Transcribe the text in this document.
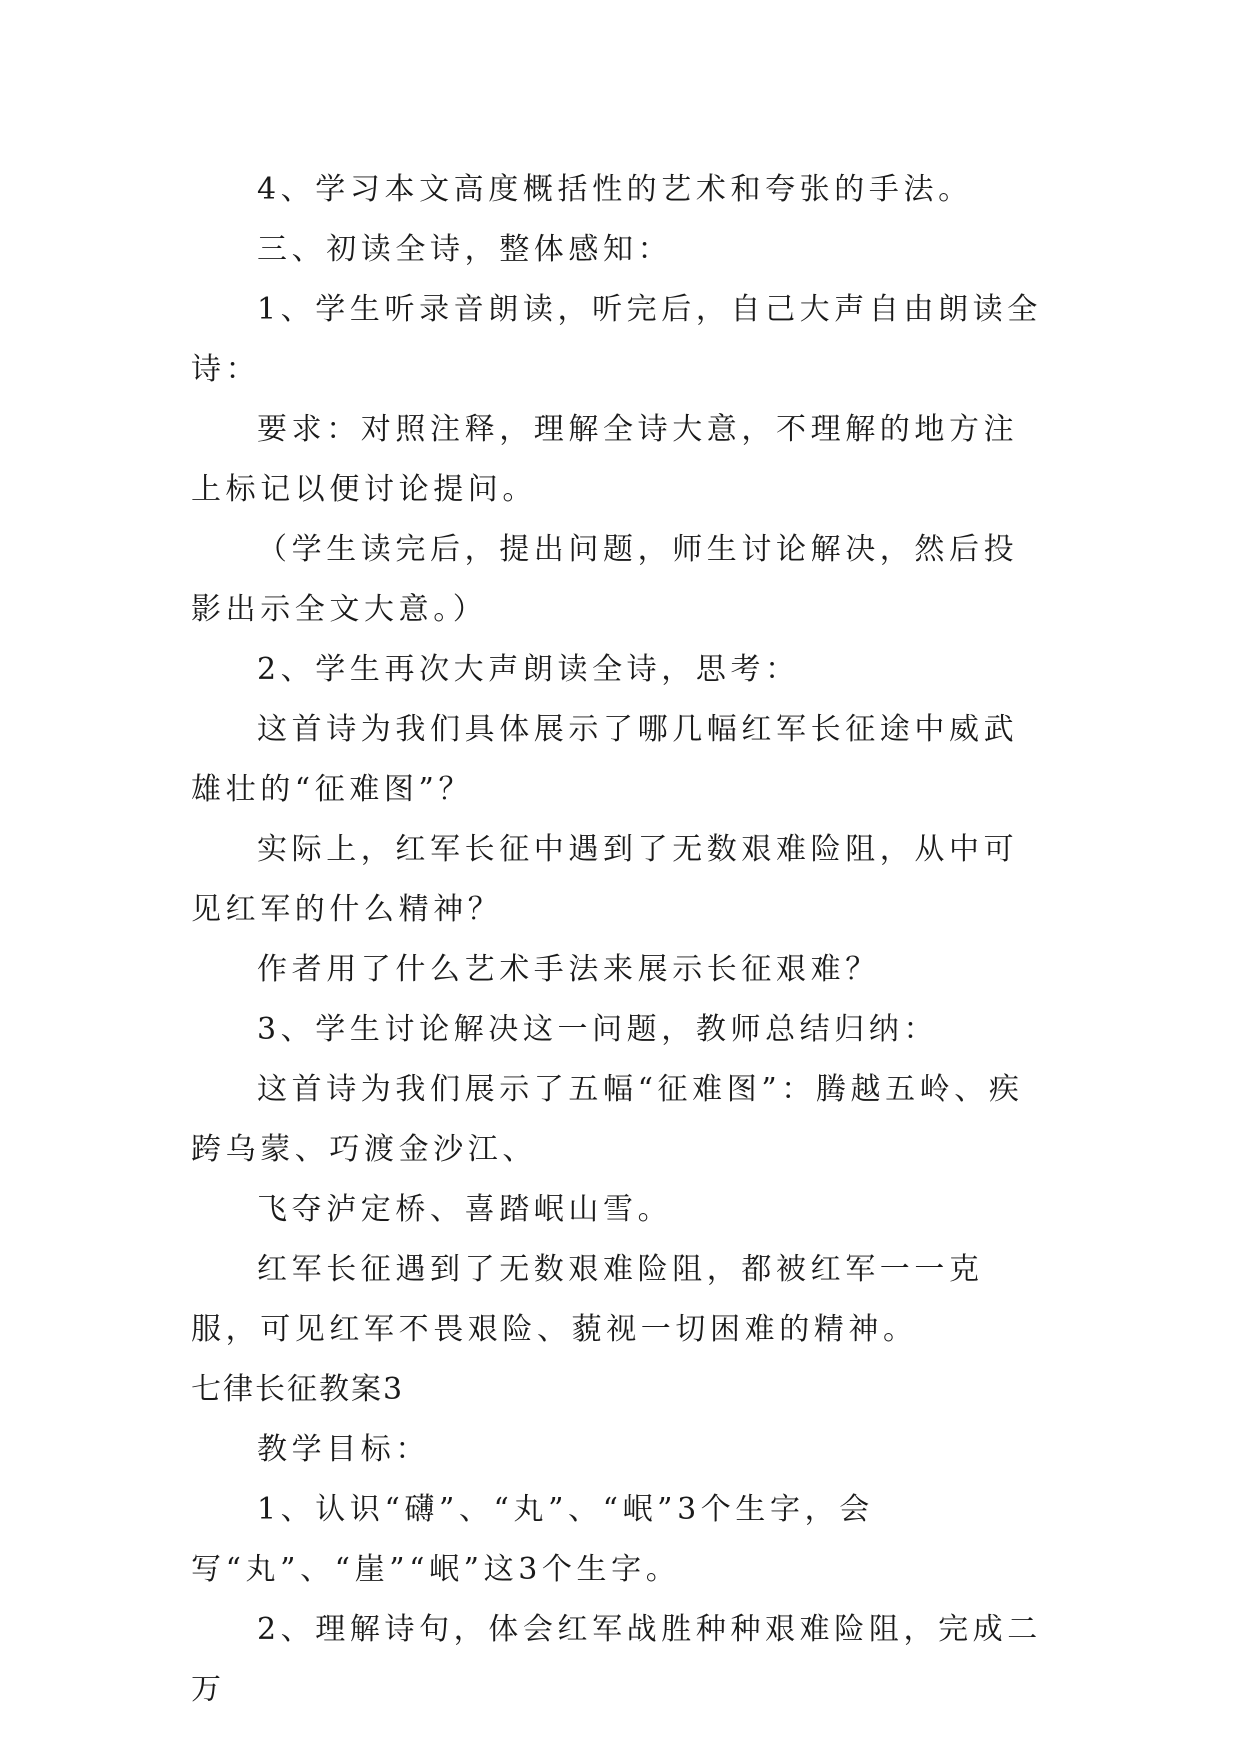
4、学习本文高度概括性的艺术和夸张的手法。

三、初读全诗，整体感知：

1、学生听录音朗读，听完后，自己大声自由朗读全诗：

要求：对照注释，理解全诗大意，不理解的地方注上标记以便讨论提问。

（学生读完后，提出问题，师生讨论解决，然后投影出示全文大意。）

2、学生再次大声朗读全诗，思考：

这首诗为我们具体展示了哪几幅红军长征途中威武雄壮的“征难图”？

实际上，红军长征中遇到了无数艰难险阻，从中可见红军的什么精神？

作者用了什么艺术手法来展示长征艰难？

3、学生讨论解决这一问题，教师总结归纳：

这首诗为我们展示了五幅“征难图”：腾越五岭、疾跨乌蒙、巧渡金沙江、

飞夺泸定桥、喜踏岷山雪。

红军长征遇到了无数艰难险阻，都被红军一一克服，可见红军不畏艰险、藐视一切困难的精神。

七律长征教案3

教学目标：

1、认识“礴”、“丸”、“岷”3个生字，会写“丸”、“崖”“岷”这3个生字。

2、理解诗句，体会红军战胜种种艰难险阻，完成二万
